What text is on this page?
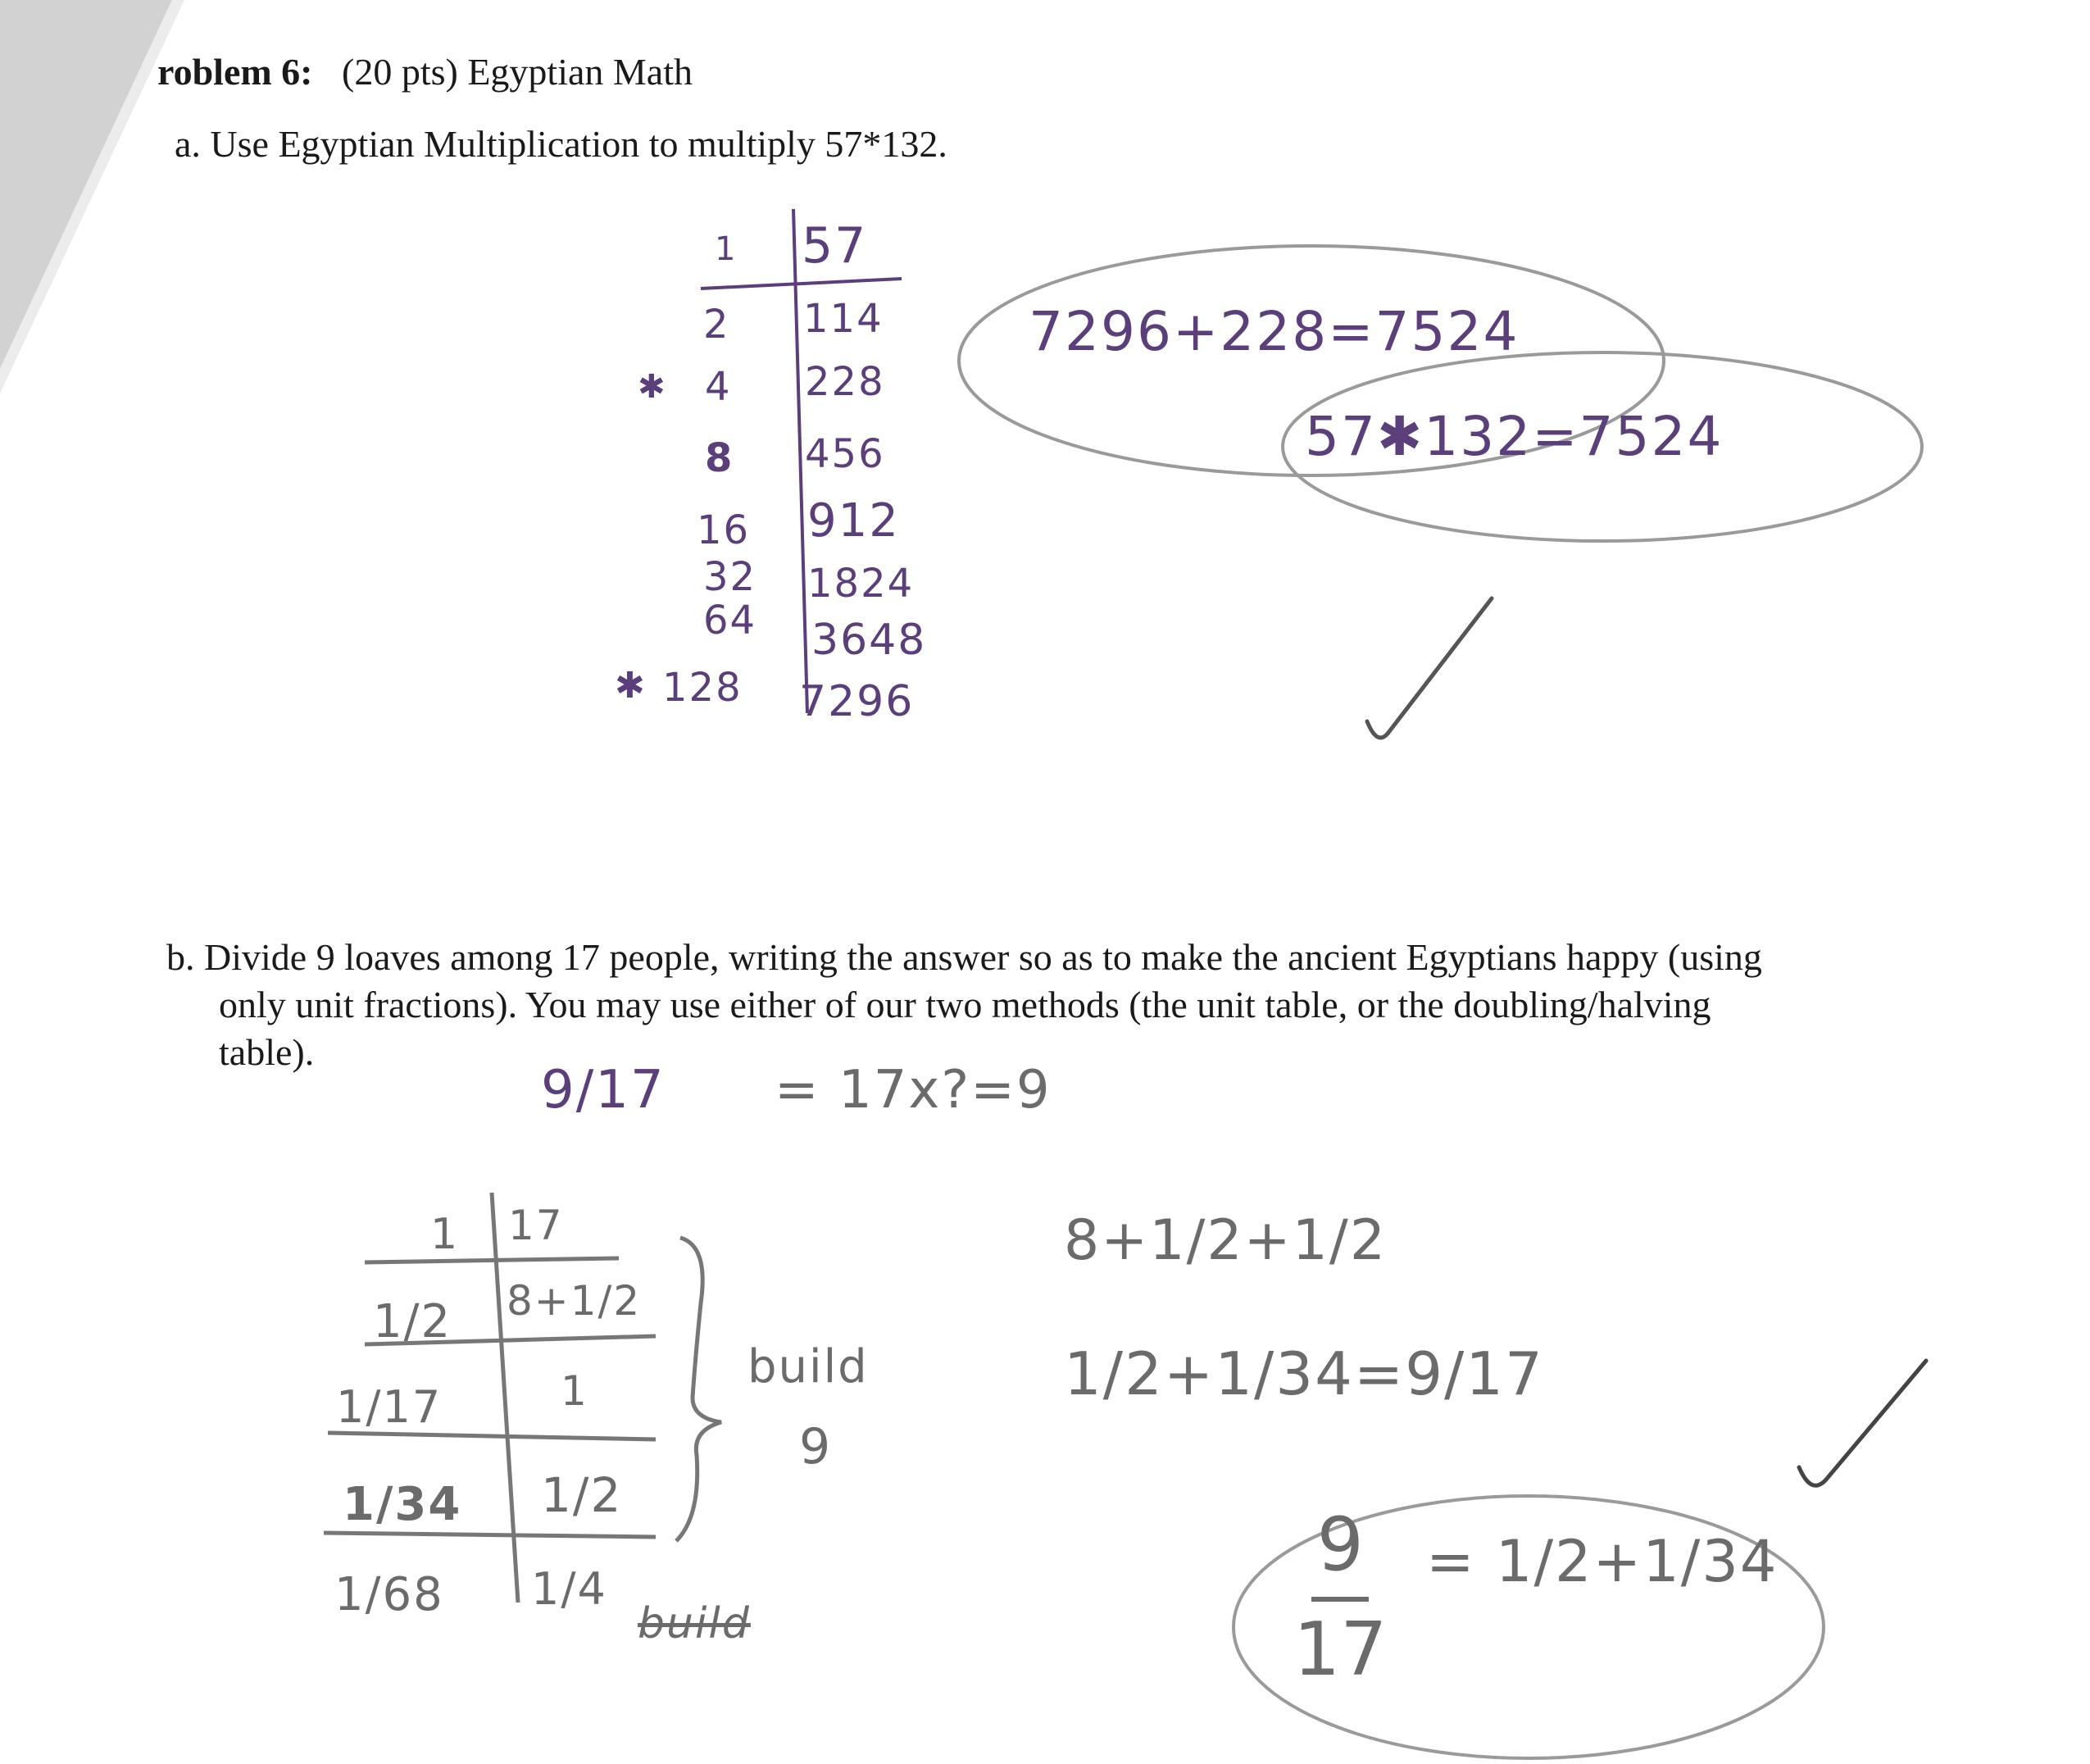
roblem 6: (20 pts) Egyptian Math
a. Use Egyptian Multiplication to multiply 57*132.
1
2
✱ 4
8
16
32
64
✱ 128
57
114
228
456
912
1824
3648
7296
7296+228=7524
57✱132=7524
b. Divide 9 loaves among 17 people, writing the answer so as to make the ancient Egyptians happy (using
only unit fractions). You may use either of our two methods (the unit table, or the doubling/halving
table).
9/17 = 17x?=9
1
1/2
1/17
1/34
1/68
17
8+1/2
1
1/2
1/4
build
9
build
8+1/2+1/2
1/2+1/34=9/17
9
17
= 1/2+1/34
